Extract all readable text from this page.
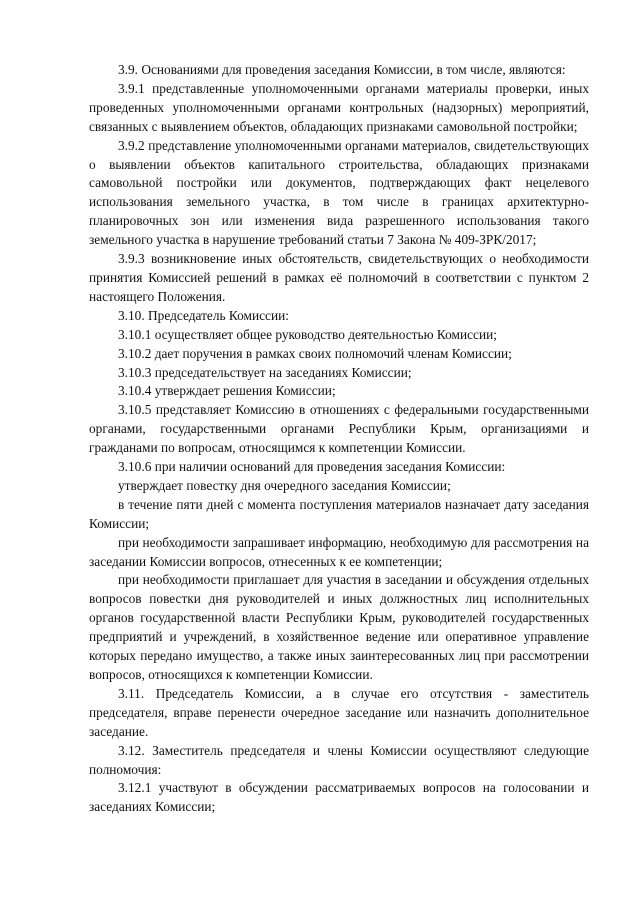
3.9. Основаниями для проведения заседания Комиссии, в том числе, являются:

3.9.1 представленные уполномоченными органами материалы проверки, иных проведенных уполномоченными органами контрольных (надзорных) мероприятий, связанных с выявлением объектов, обладающих признаками самовольной постройки;

3.9.2 представление уполномоченными органами материалов, свидетельствующих о выявлении объектов капитального строительства, обладающих признаками самовольной постройки или документов, подтверждающих факт нецелевого использования земельного участка, в том числе в границах архитектурно-планировочных зон или изменения вида разрешенного использования такого земельного участка в нарушение требований статьи 7 Закона № 409-ЗРК/2017;

3.9.3 возникновение иных обстоятельств, свидетельствующих о необходимости принятия Комиссией решений в рамках её полномочий в соответствии с пунктом 2 настоящего Положения.

3.10. Председатель Комиссии:

3.10.1 осуществляет общее руководство деятельностью Комиссии;

3.10.2 дает поручения в рамках своих полномочий членам Комиссии;

3.10.3 председательствует на заседаниях Комиссии;

3.10.4 утверждает решения Комиссии;

3.10.5 представляет Комиссию в отношениях с федеральными государственными органами, государственными органами Республики Крым, организациями и гражданами по вопросам, относящимся к компетенции Комиссии.

3.10.6 при наличии оснований для проведения заседания Комиссии:

утверждает повестку дня очередного заседания Комиссии;

в течение пяти дней с момента поступления материалов назначает дату заседания Комиссии;

при необходимости запрашивает информацию, необходимую для рассмотрения на заседании Комиссии вопросов, отнесенных к ее компетенции;

при необходимости приглашает для участия в заседании и обсуждения отдельных вопросов повестки дня руководителей и иных должностных лиц исполнительных органов государственной власти Республики Крым, руководителей государственных предприятий и учреждений, в хозяйственное ведение или оперативное управление которых передано имущество, а также иных заинтересованных лиц при рассмотрении вопросов, относящихся к компетенции Комиссии.

3.11. Председатель Комиссии, а в случае его отсутствия - заместитель председателя, вправе перенести очередное заседание или назначить дополнительное заседание.

3.12. Заместитель председателя и члены Комиссии осуществляют следующие полномочия:

3.12.1 участвуют в обсуждении рассматриваемых вопросов на голосовании и заседаниях Комиссии;
